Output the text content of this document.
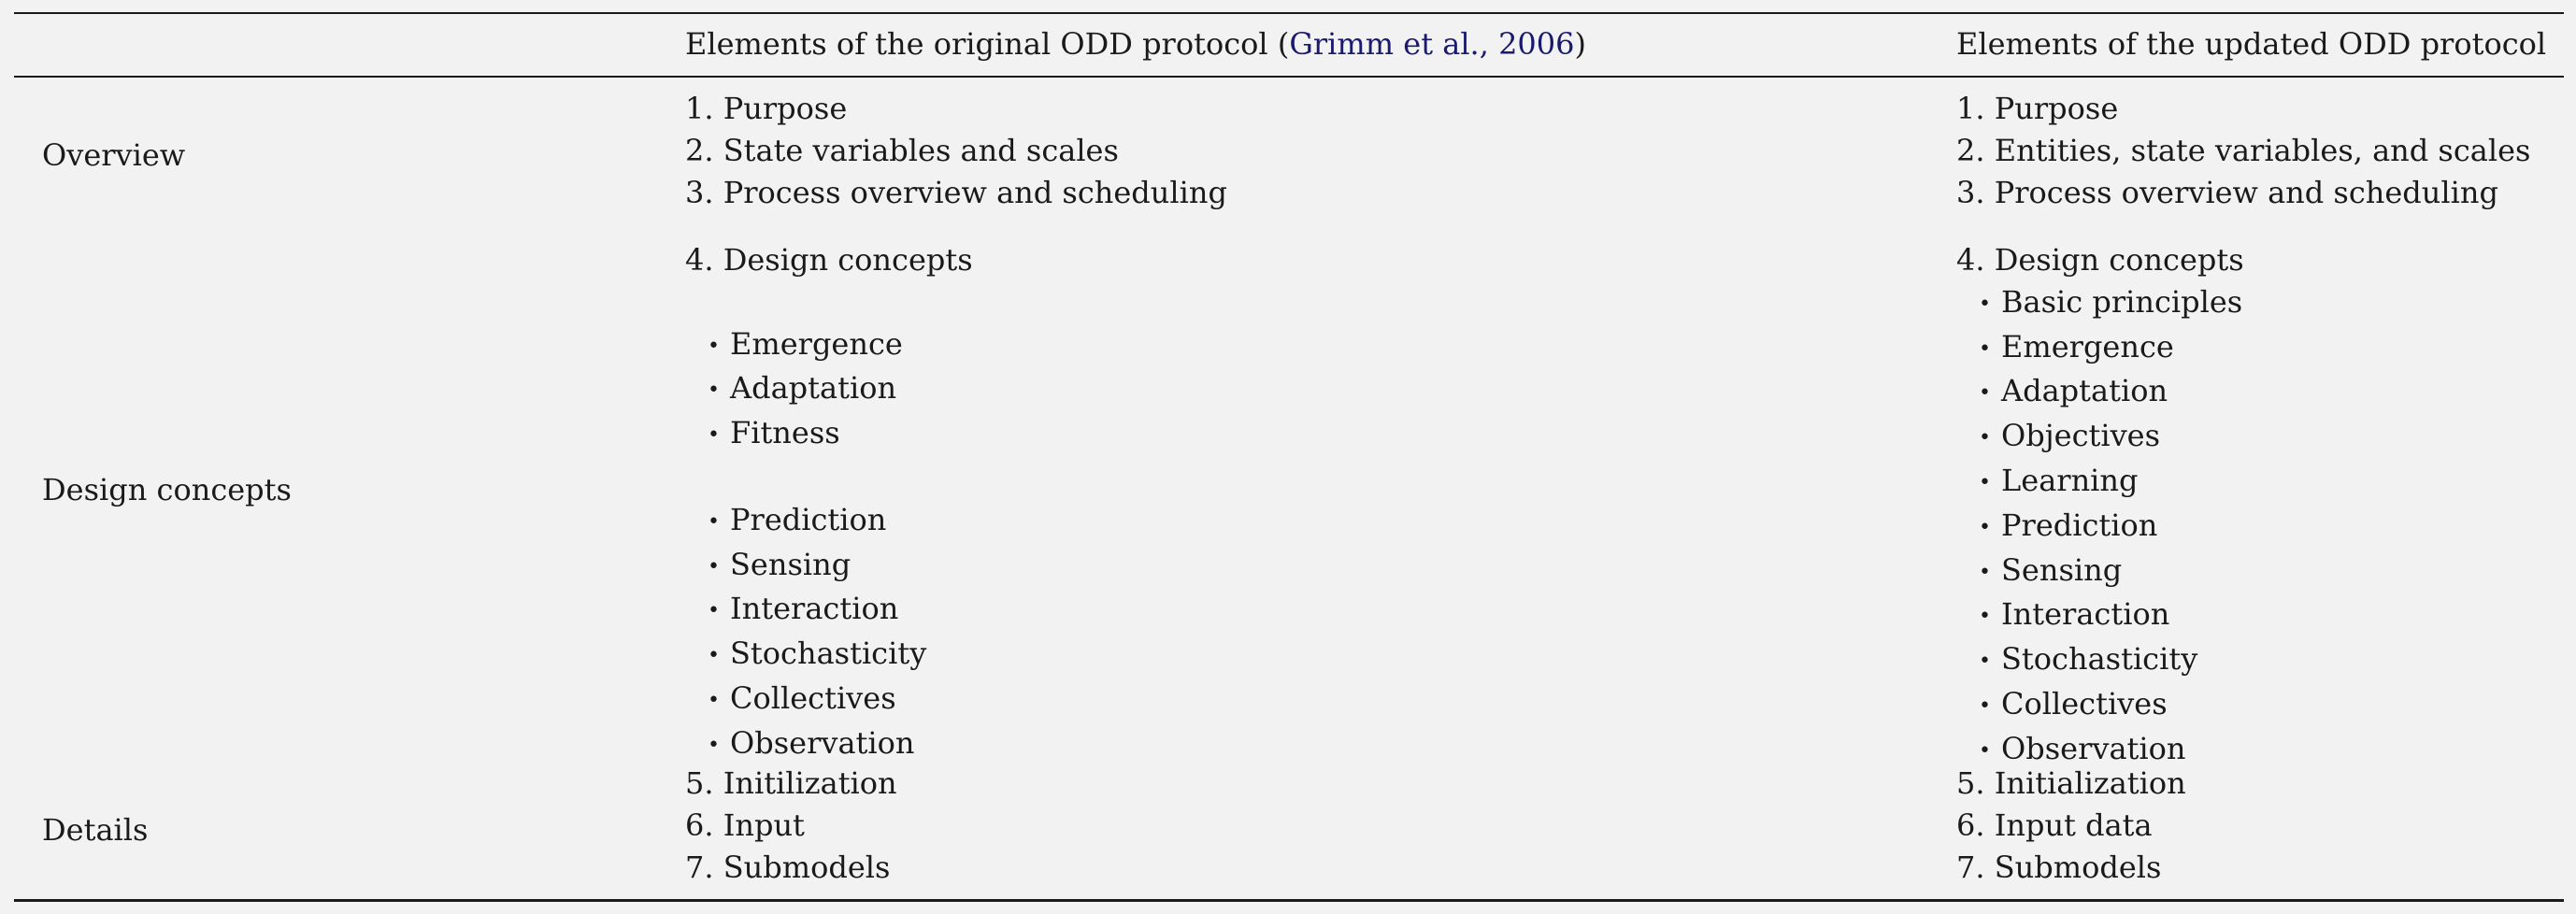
Elements of the original ODD protocol (Grimm et al., 2006)	Elements of the updated ODD protocol
Overview
1. Purpose
2. State variables and scales
3. Process overview and scheduling
1. Purpose
2. Entities, state variables, and scales
3. Process overview and scheduling
Design concepts
4. Design concepts
• Emergence
• Adaptation
• Fitness
• Prediction
• Sensing
• Interaction
• Stochasticity
• Collectives
• Observation
4. Design concepts
• Basic principles
• Emergence
• Adaptation
• Objectives
• Learning
• Prediction
• Sensing
• Interaction
• Stochasticity
• Collectives
• Observation
Details
5. Initilization
6. Input
7. Submodels
5. Initialization
6. Input data
7. Submodels
